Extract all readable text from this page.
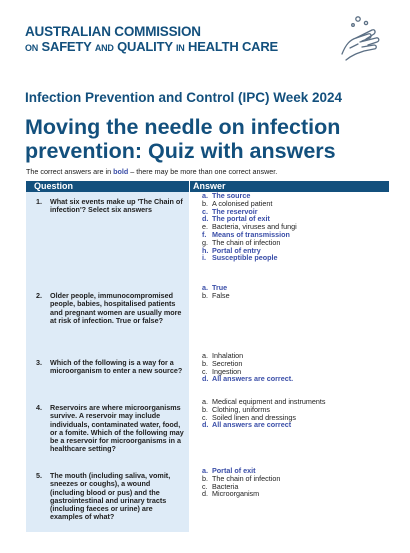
AUSTRALIAN COMMISSION
ON SAFETY AND QUALITY IN HEALTH CARE
Infection Prevention and Control (IPC) Week 2024
Moving the needle on infection prevention: Quiz with answers
The correct answers are in bold – there may be more than one correct answer.
Question	Answer
1. What six events make up 'The Chain of infection'? Select six answers
2. Older people, immunocompromised people, babies, hospitalised patients and pregnant women are usually more at risk of infection. True or false?
3. Which of the following is a way for a microorganism to enter a new source?
4. Reservoirs are where microorganisms survive. A reservoir may include individuals, contaminated water, food, or a fomite. Which of the following may be a reservoir for microorganisms in a healthcare setting?
5. The mouth (including saliva, vomit, sneezes or coughs), a wound (including blood or pus) and the gastrointestinal and urinary tracts (including faeces or urine) are examples of what?
a. The source
b. A colonised patient
c. The reservoir
d. The portal of exit
e. Bacteria, viruses and fungi
f. Means of transmission
g. The chain of infection
h. Portal of entry
i. Susceptible people
a. True
b. False
a. Inhalation
b. Secretion
c. Ingestion
d. All answers are correct.
a. Medical equipment and instruments
b. Clothing, uniforms
c. Soiled linen and dressings
d. All answers are correct
a. Portal of exit
b. The chain of infection
c. Bacteria
d. Microorganism
